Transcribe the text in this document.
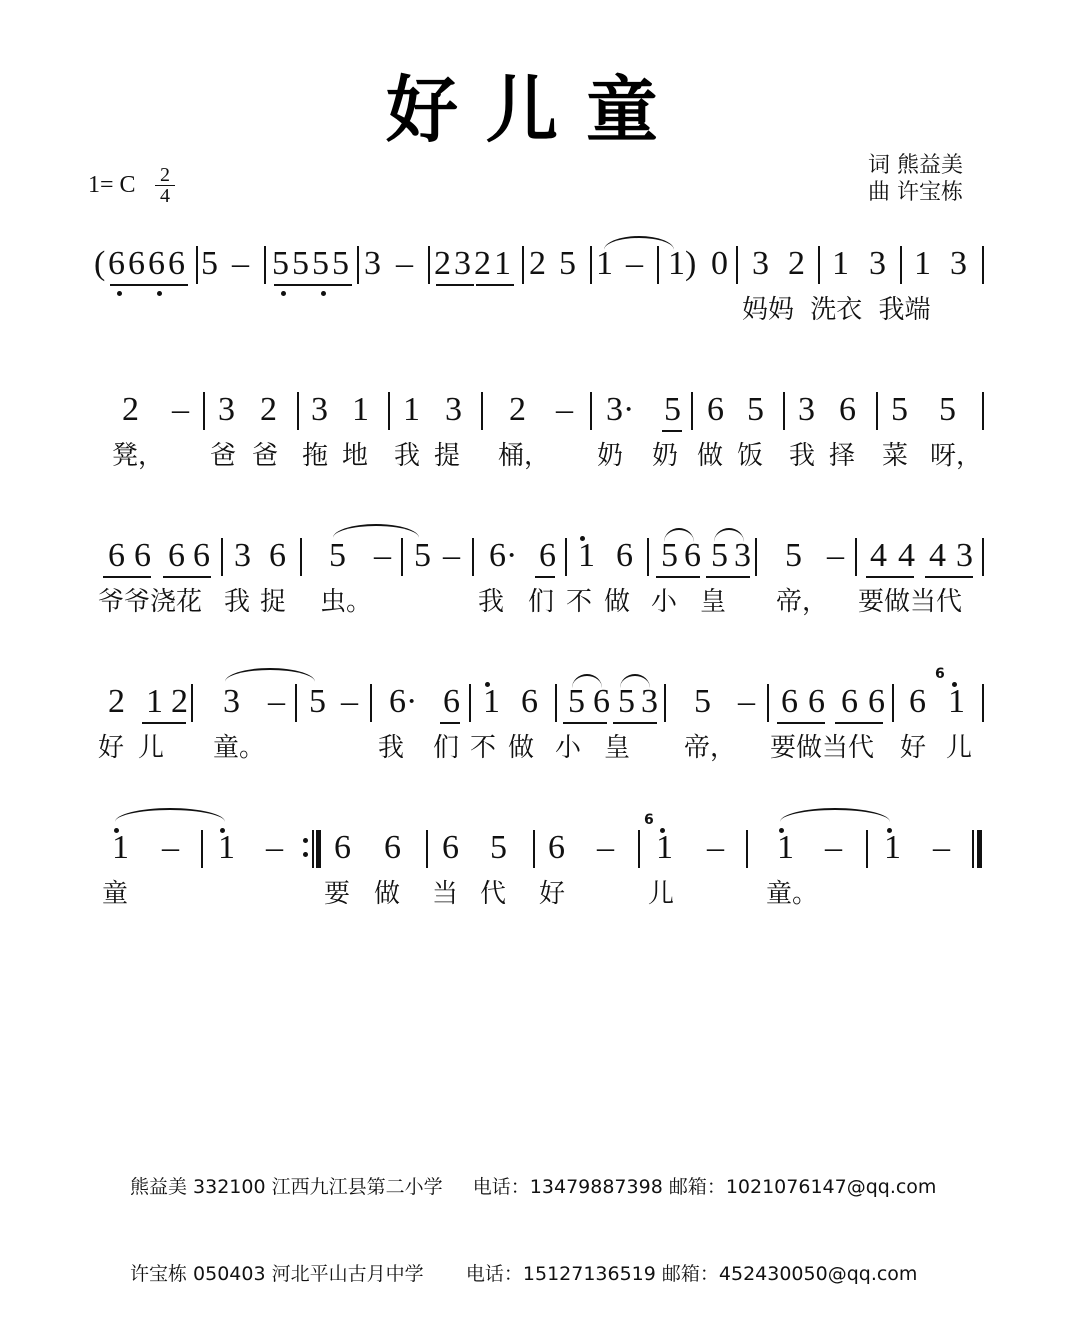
好儿童
1= C 2
4
词 熊益美
曲 许宝栋
妈妈 洗衣 我端
( 6 6 6 6 5 – 5 5 5 5 3 – 2 3 2 1 2 5 1 – 1) 0 3 2 1 3 1 3
凳， 爸 爸 拖 地 我 提 桶， 奶 奶 做 饭 我 择 菜 呀，
2 – 3 2 3 1 1 3 2 – 3· 5 6 5 3 6 5 5
爷爷浇花 我 捉 虫。	我 们 不 做 小 皇 帝， 要做当代
6 6 6 6 3 6 5 – 5 – 6· 6 1 6 5 6 5 3 5 – 4 4 4 3
6
好 儿 童。	我 们 不 做 小 皇 帝， 要做当代 好 儿
2 1 2 3 – 5 – 6· 6 1 6 5 6 5 3 5 – 6 6 6 6 6 1
6
童	要 做 当 代 好	儿	童。
1 – 1 – 6 6 6 5 6 – 1 – 1 – 1 –

熊益美 332100 江西九江县第二小学     电话：13479887398 邮箱：1021076147@qq.com

许宝栋 050403 河北平山古月中学       电话：15127136519 邮箱：452430050@qq.com
